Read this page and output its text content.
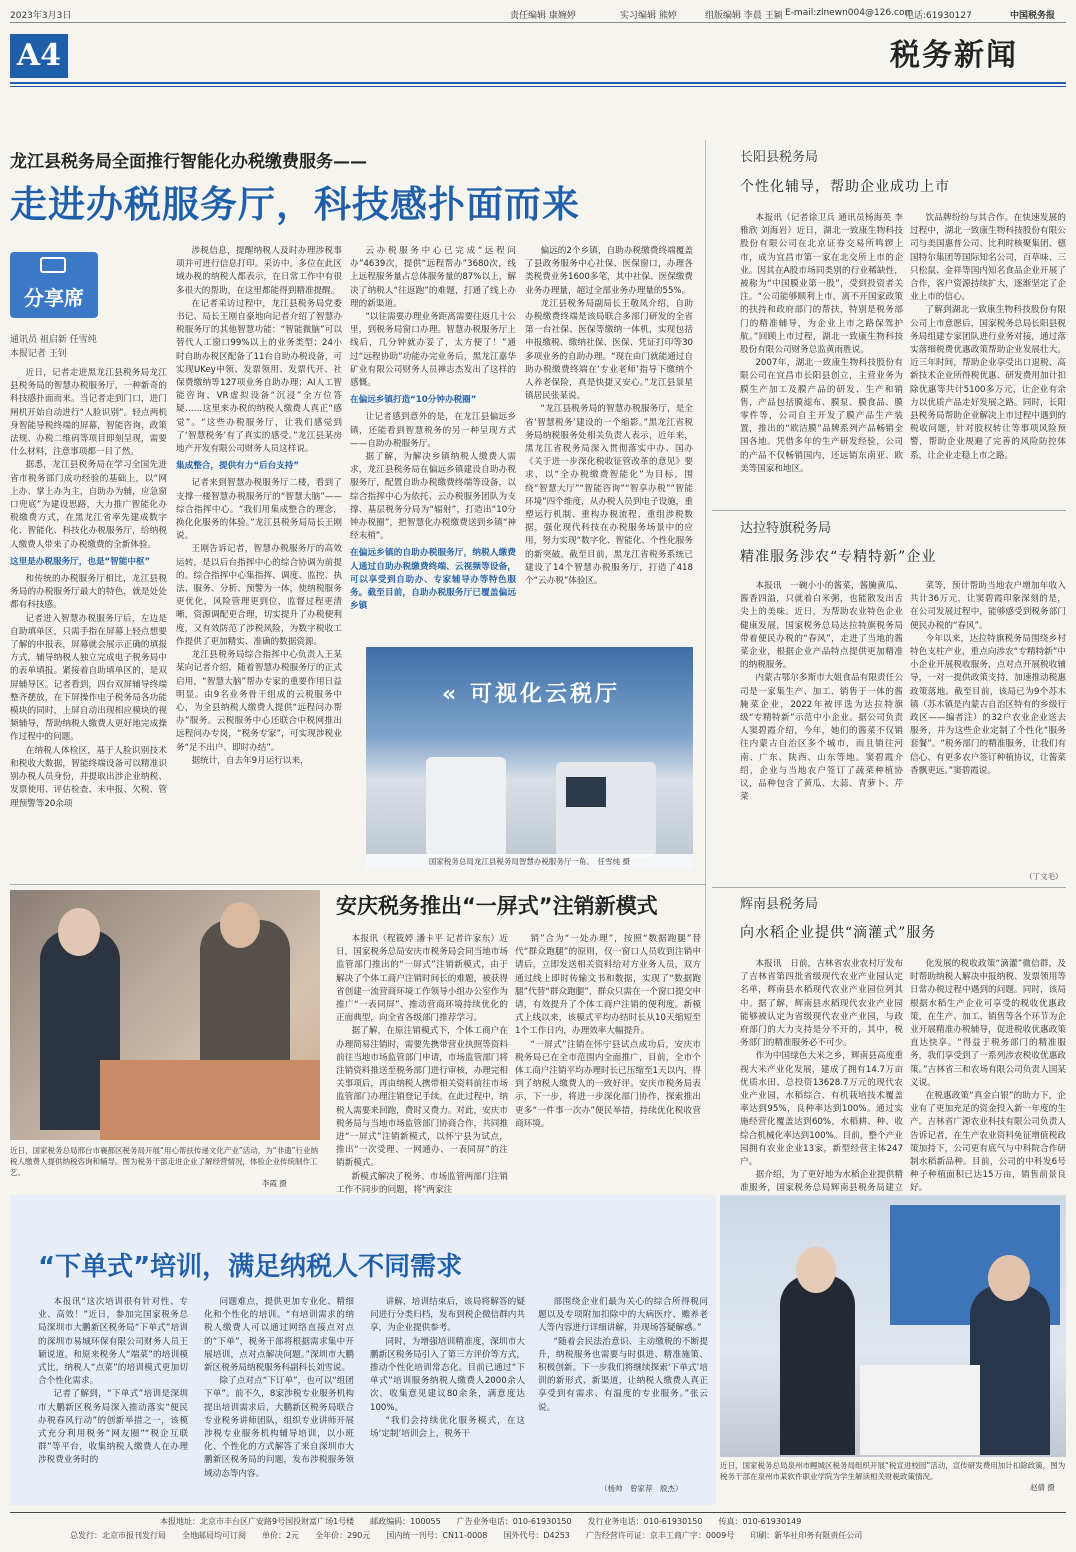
2023年3月3日	责任编辑 康婉婷	实习编辑 熊婷	组版编辑 李晨 王颖 E-mail:zlnewn004@126.com
电话:61930127	中国税务报
A4	税务新闻
龙江县税务局全面推行智能化办税缴费服务——
走进办税服务厅，科技感扑面而来
分享席
通讯员 祖启新 任雪纯
本报记者 王钊

近日，记者走进黑龙江县税务局龙江县税务局的智慧办税服务厅，一种新奇的科技感扑面而来。当记者走到门口，进门闸机开始自动进行“人脸识别”。轻点两机身智能导税终端的屏幕，智能咨询、政策法规、办税二维码等项目即刻呈现，需要什么材料，注意事项都一目了然。

据悉，龙江县税务局在学习全国先进省市税务部门成功经验的基础上，以“网上办、掌上办为主，自助办为辅，应急窗口兜底”为建设思路，大力推广智能化办税缴费方式，在黑龙江省率先建成数字化、智能化、科技化办税服务厅，给纳税人缴费人带来了办税缴费的全新体验。

这里是办税服务厅，也是“智能中枢”

和传统的办税服务厅相比，龙江县税务局的办税服务厅最大的特色，就是处处都有科技感。

记者进入智慧办税服务厅后，左边是自助填单区，只需手指在屏幕上轻点想要了解的申报表，屏幕就会展示正确的填报方式，辅导纳税人独立完成电子税务局中的表单填报。紧接着自助填单区的，是双屏辅导区。记者看到，四台双屏辅导终端整齐摆放，在下屏操作电子税务局各功能模块的同时，上屏自动出现相应模块的视频辅导，帮助纳税人缴费人更好地完成操作过程中的问题。

在纳税人体检区，基于人脸识别技术和税收大数据，智能终端设备可以精准识别办税人员身份，并提取出涉企业纳税、发票使用、评估检查、未申报、欠税、管理预警等20余项

涉税信息，提醒纳税人及时办理涉税事项并可进行信息打印。采访中，多位在此区域办税的纳税人都表示，在日常工作中有很多很大的帮助，在这里都能得到精准提醒。

在记者采访过程中，龙江县税务局党委书记、局长王刚自豪地向记者介绍了智慧办税服务厅的其他智慧功能：“智能微脑”可以替代人工窗口99%以上的业务类型；24小时自助办税区配备了11台自助办税设备，可实现UKey申领、发票领用、发票代开、社保费缴纳等127项业务自助办理；AI人工智能咨询、VR虚拟设备“沉浸”全方位答疑……这里来办税的纳税人缴费人真正“感觉”。“这些办税服务厅，让我们感觉到了‘智慧税务’有了真实的感受。”龙江县某房地产开发有限公司财务人员这样说。

集成整合，提供有力“后台支持”

记者来到智慧办税服务厅二楼，看到了支撑一楼智慧办税服务厅的“智慧大脑”——综合指挥中心。“我们用集成整合的理念，换化化服务的体验。”龙江县税务局局长王刚说。

王刚告诉记者，智慧办税服务厅的高效运转，是以后台指挥中心的综合协调为前提的。综合指挥中心集指挥、调度、监控、执法、服务、分析、预警为一体，使纳税服务更优化，风险管理更到位，监督过程更清晰，资源调配更合理，切实提升了办税便利度，又有效防范了涉税风险，为数字税收工作提供了更加精实、准确的数据资源。

龙江县税务局综合指挥中心负责人王某某向记者介绍，随着智慧办税服务厅的正式启用，“智慧大脑”帮办专家的重要作用日益明显。由9名业务骨干组成的云税服务中心，为全县纳税人缴费人提供“远程问办帮办”服务。云税服务中心还联合中税网推出远程问办专岗，“税务专家”，可实现涉税业务“足不出户、即时办结”。

据统计，自去年9月运行以来，

云办税服务中心已完成“远程问办”4639次，提供“远程帮办”3680次，线上远程服务量占总体服务量的87%以上，解决了纳税人“往返跑”的难题，打通了线上办理的新渠道。

“以往需要办理业务距离需要往返几十公里，到税务局窗口办理。智慧办税服务厅上线后，几分钟就办妥了，太方便了！”通过“远程协助”功能办完业务后，黑龙江嘉华矿业有限公司财务人员禅志杰发出了这样的感慨。

在偏远乡镇打造“10分钟办税圈”

让记者感到意外的是，在龙江县偏远乡镇，还能看到智慧税务的另一种呈现方式——自助办税服务厅。

据了解，为解决乡镇纳税人缴费人需求，龙江县税务局在偏远乡镇建设自助办税服务厅，配置自助办税缴费终端等设备，以综合指挥中心为依托、云办税服务团队为支撑、基层税务分局为“辐射”，打造出“10分钟办税圈”，把智慧化办税缴费送到乡镇“神经末梢”。

在偏远乡镇的自助办税服务厅，纳税人缴费人通过自助办税缴费终端、云视频等设备，可以享受到自助办、专家辅导办等特色服务。截至目前，自助办税服务厅已覆盖偏远乡镇

偏远的2个乡镇，自助办税缴费终端覆盖了县政务服务中心社保、医保窗口，办理各类税费业务1600多笔，其中社保、医保缴费业务办理量，超过全部业务办理量的55%。

龙江县税务局副局长王敬凤介绍，自助办税缴费终端是该局联合多部门研发的全省第一台社保、医保等缴纳一体机，实现包括申报缴税、缴纳社保、医保、凭证打印等30多项业务的自助办理。“现在由门就能通过自助办税缴费终端在‘专业老师’指导下缴纳个人养老保险，真是快捷又安心。”龙江县景星镇居民张某说。

“龙江县税务局的智慧办税服务厅，是全省‘智慧税务’建设的一个缩影。”黑龙江省税务局纳税服务处相关负责人表示，近年来，黑龙江省税务局深入贯彻落实中办、国办《关于进一步深化税收征管改革的意见》要求，以“全办税缴费智能化”为目标，围绕“智慧大厅”“智能咨询”“智享办税”“智能环境”四个维度，从办税人员到电子设施，重塑运行机制、重构办税流程、重组涉税数据，强化现代科技在办税服务场景中的应用，努力实现“数字化、智能化、个性化服务的新突破。截至目前，黑龙江省税务系统已建设了14个智慧办税服务厅，打造了418个“云办税”体验区。

« 可视化云税厅
国家税务总局龙江县税务局智慧办税服务厅一角。　 任雪纯 摄
长阳县税务局
个性化辅导，帮助企业成功上市

本报讯（记者徐卫兵 通讯员杨海英 李雅欣 刘海岩）近日，湖北一致康生物科技股份有限公司在北京证券交易所鸣锣上市，成为宜昌市第一家在北交所上市的企业。因其在A股市场同类别的行业稀缺性，被称为“中国膜业第一股”，受到投资者关注。“公司能够顺利上市，离不开国家政策的扶持和政府部门的帮扶，特别是税务部门的精准辅导，为企业上市之路保驾护航。”回顾上市过程，湖北一致康生物科技股份有限公司财务总监黄雨胜说。

2007年，湖北一致康生物科技股份有限公司在宜昌市长阳县创立，主营业务为膜生产加工及膜产品的研发、生产和销售，产品包括膜滤布、膜泵、膜食品、膜零件等，公司自主开发了膜产品生产装置，推出的“欧洁膜”品牌系列产品畅销全国各地。凭借多年的生产研发经验，公司的产品不仅畅销国内，还远销东南亚、欧美等国家和地区。

饮品牌纷纷与其合作。在快速发展的过程中，湖北一致康生物科技股份有限公司与美国惠普公司、比利时核聚集团、德国特尔集团等国际知名公司，百草味、三只松鼠、金祥等国内知名食品企业开展了合作，客户资源持续扩大，逐渐坚定了企业上市的信心。

了解到湖北一致康生物科技股份有限公司上市意愿后，国家税务总局长阳县税务局组建专家团队进行业务对接，通过落实落细税费优惠政策帮助企业发展壮大。近三年时间，帮助企业享受出口退税、高新技术企业所得税优惠、研发费用加计扣除优惠等共计5100多万元，让企业有余力以优质产品走好发展之路。同时，长阳县税务局帮助企业解决上市过程中遇到的税收问题，针对股权转让等事项风险预警，帮助企业规避了完善的风险防控体系，让企业走稳上市之路。

达拉特旗税务局
精准服务涉农“专精特新”企业

本报讯　一碗小小的酱菜，酱腌黄瓜、酱香四溢，只就着白米粥，也能散发出舌尖上的美味。近日，为帮助农业特色企业健康发展，国家税务总局达拉特旗税务局带着便民办税的“春风”，走进了当地的酱菜企业，根据企业产品特点提供更加精准的纳税服务。

内蒙古鄂尔多斯市大姐食品有限责任公司是一家集生产、加工、销售于一体的酱腌菜企业，2022年被评选为达拉特旗级“专精特新”示范中小企业。据公司负责人窦碧霞介绍，今年，她们的酱菜不仅销往内蒙古自治区多个城市，而且销往河南、广东、陕西、山东等地。窦碧霞介绍，企业与当地农户签订了蔬菜种植协议，品种包含了黄瓜、大蒜、青萝卜、芹菜

菜等，预计帮助当地农户增加年收入共计36万元，让窦碧霞印象深刻的是，在公司发展过程中，能够感受到税务部门便民办税的“春风”。

今年以来，达拉特旗税务局围绕乡村特色支柱产业，重点向涉农“专精特新”中小企业开展税收服务，点对点开展税收辅导，一对一提供政策支持，加速推动税惠政策落地。截至目前，该局已为9个苏木镇（苏木镇是内蒙古自治区特有的乡级行政区——编者注）的32户农业企业送去服务，并为这些企业定制了个性化“服务套餐”。“税务部门的精准服务，让我们有信心、有更多农户签订种植协议，让酱菜香飘更远。”窦碧霞说。

（丁文毛）
辉南县税务局
向水稻企业提供“滴灌式”服务

本报讯　日前，吉林省农业农村厅发布了吉林省第四批省级现代农业产业园认定名单，辉南县水稻现代农业产业园位列其中。据了解，辉南县水稻现代农业产业园能够被认定为省级现代农业产业园，与政府部门的大力支持是分不开的，其中，税务部门的精准服务必不可少。

作为中国绿色大米之乡，辉南县高度重视大米产业化发展，建成了拥有14.7万亩优质水田、总投资13628.7万元的现代农业产业园，水稻综合、有机栽培技术覆盖率达到95%，良种率达到100%。通过实施经营化覆盖达到60%，水稻耕、种、收综合机械化率达到100%。目前，整个产业园拥有农业企业13家，新型经营主体247户。

据介绍，为了更好地为水稻企业提供精准服务，国家税务总局辉南县税务局建立

化发展的税收政策“滴灌”微信群，及时帮助纳税人解决申报纳税、发票领用等日常办税过程中遇到的问题。同时，该局根据水稻生产企业可享受的税收优惠政策，在生产、加工、销售等各个环节为企业开展精准办税辅导，促进税收优惠政策直达快享。“得益于税务部门的精准服务，我们享受到了一系列涉农税收优惠政策。”吉林省三和农场有限公司负责人国某义说。

在税惠政策“真金白银”的助力下，企业有了更加充足的资金投入新一年度的生产。吉林省广源农业科技有限公司负责人告诉记者，在生产农业资料免征增值税政策加持下，公司更有底气与中科院合作研制水稻新品种。目前，公司的中科发6号种子种植面积已达15万亩，销售前景良好。

近日，国家税务总局邢台市襄都区税务局开展“用心帮扶传递文化产业”活动，为“非遗”行业纳税人缴费人提供纳税咨询和辅导。图为税务干部走进企业了解经营情况，体验企业传统制作工艺。
李霞 摄
安庆税务推出“一屏式”注销新模式

本报讯（程筱婷 潘卡平 记者许家东）近日，国家税务总局安庆市税务局会同当地市场监管部门推出的“一屏式”注销新模式，由于解决了个体工商户注销时间长的难题，被获得省创建一流营商环境工作领导小组办公室作为推广“一表同屏”、推动营商环境持续优化的正面典型，向全省各级部门推荐学习。

据了解，在原注销模式下，个体工商户在办理简易注销时，需要先携带营业执照等资料前往当地市场监管部门申请，市场监管部门将注销资料推送至税务部门进行审核，办理完相关事项后，再由纳税人携带相关资料前往市场监管部门办理注销登记手续。在此过程中，纳税人需要来回跑，费时又费力。对此，安庆市税务局与当地市场监管部门协商合作，共同推进“一屏式”注销新模式，以怀宁县为试点，推出“一次受理、一网通办、一表同屏”的注销新模式。

新模式解决了税务、市场监管两部门注销工作不同步的问题，将“两家注

销”合为“一处办理”，按照“数据跑腿”替代“群众跑腿”的原则，仅一窗口人员收到注销申请后，立即发送相关资料给对方业务人员，双方通过线上即时传输文书和数据，实现了“数据跑腿”代替“群众跑腿”，群众只需在一个窗口提交申请，有效提升了个体工商户注销的便利度。新模式上线以来，该模式平均办结时长从10天缩短至1个工作日内，办理效率大幅提升。

“一屏式”注销在怀宁县试点成功后，安庆市税务局已在全市范围内全面推广，目前，全市个体工商户注销平均办理时长已压缩至1天以内，得到了纳税人缴费人的一致好评。安庆市税务局表示，下一步，将进一步深化部门协作，探索推出更多“一件事一次办”便民举措，持续优化税收营商环境。

“下单式”培训，满足纳税人不同需求

本报讯“这次培训很有针对性、专业、高效！”近日，参加完国家税务总局深圳市大鹏新区税务局“下单式”培训的深圳市易城环保有限公司财务人员王颖说道。和原来税务人“端菜”的培训模式比，纳税人“点菜”的培训模式更加切合个性化需求。

记者了解到，“下单式”培训是深圳市大鹏新区税务局深入推动落实“便民办税春风行动”的创新举措之一，该模式充分利用税务“网友圈”“税企互联群”等平台，收集纳税人缴费人在办理涉税费业务时的

问题难点，提供更加专业化、精细化和个性化的培训。“有培训需求的纳税人缴费人可以通过网络直接点对点的“下单”，税务干部将根据需求集中开展培训，点对点解决问题。”深圳市大鹏新区税务局纳税服务科副科长刘雪说。

除了点对点“下订单”，也可以“组团下单”。前不久，8家涉税专业服务机构提出培训需求后，大鹏新区税务局联合专业税务讲师团队，组织专业讲师开展涉税专业服务机构辅导培训，以小班化、个性化的方式解答了来自深圳市大鹏新区税务局的问题，发布涉税服务领域动态等内容。

讲解，培训结束后，该局将解答的疑问进行分类归档，发布到税企微信群内共享，为企业提供参考。

同时，为增强培训精准度，深圳市大鹏新区税务局引入了第三方评价等方式，推动个性化培训常态化。目前已通过“下单式”培训服务纳税人缴费人2000余人次，收集意见建议80余条，满意度达100%。

“我们会持续优化服务模式，在这场‘定制’培训会上，税务干

部围绕企业们最为关心的综合所得税问题以及专项附加扣除中的大病医疗、赡养老人等内容进行详细讲解，并现场答疑解惑。”

“随着会民法治意识、主动缴税的不断提升，纳税服务也需要与时俱进、精准施策、积极创新。下一步我们将继续探索‘下单式’培训的新形式、新渠道，让纳税人缴费人真正享受到有需求、有温度的专业服务。”张云说。

（杨帅　曾家荐　殷杰）
近日，国家税务总局泉州市鲤城区税务局组织开展“税宣进校园”活动，宣传研发费用加计扣除政策，图为税务干部在泉州市某软件职业学院为学生解读相关财税政策情况。
赵倩 摄
本报地址：北京市丰台区广安路9号国投财富广场1号楼　　邮政编码：100055　　广告业务电话：010-61930150　　发行业务电话：010-61930150　　传真：010-61930149
总发行：北京市报刊发行局　　全地邮局均可订阅　　单价：2元　　全年价：290元　　国内统一刊号：CN11-0008　　国外代号：D4253　　广告经营许可证：京丰工商广字：0009号　　印刷：新华社印务有限责任公司
